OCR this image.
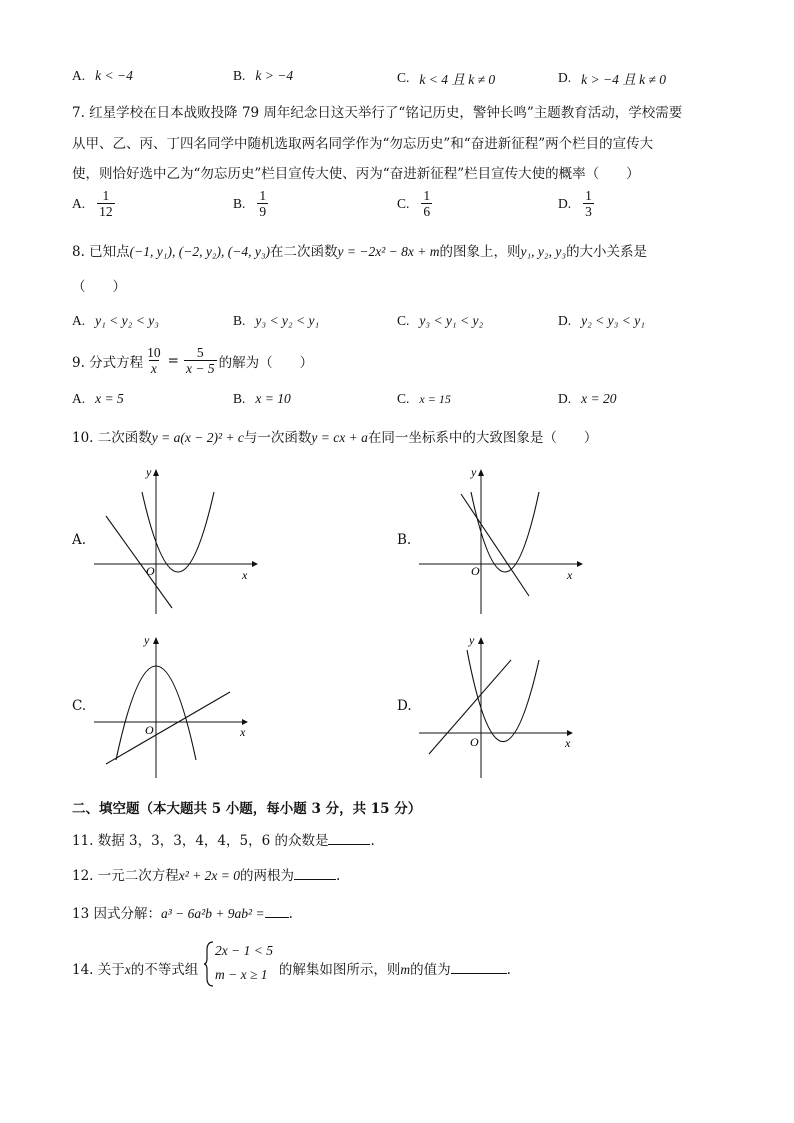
A. k < −4	B. k > −4	C. k < 4 且 k ≠ 0	D. k > −4 且 k ≠ 0
7. 红星学校在日本战败投降 79 周年纪念日这天举行了“铭记历史，警钟长鸣”主题教育活动，学校需要
从甲、乙、丙、丁四名同学中随机选取两名同学作为“勿忘历史”和“奋进新征程”两个栏目的宣传大
使，则恰好选中乙为“勿忘历史”栏目宣传大使、丙为“奋进新征程”栏目宣传大使的概率（　　）
A. $\frac{1}{12}$	B. $\frac{1}{9}$	C. $\frac{1}{6}$	D. $\frac{1}{3}$
8. 已知点(−1, y₁), (−2, y₂), (−4, y₃)在二次函数y = −2x² − 8x + m的图象上，则y₁, y₂, y₃的大小关系是
（　　）
A. y₁ < y₂ < y₃	B. y₃ < y₂ < y₁	C. y₃ < y₁ < y₂	D. y₂ < y₃ < y₁
9. 分式方程 $\frac{10}{x} = \frac{5}{x - 5}$ 的解为（　　）
A. x = 5	B. x = 10	C. x = 15	D. x = 20
10. 二次函数y = a(x − 2)² + c与一次函数y = cx + a在同一坐标系中的大致图象是（　　）
A.	B.
C.	D.
y
x
O
y
x
O
y
x
O
y
x
O
二、填空题（本大题共 5 小题，每小题 3 分，共 15 分）
11. 数据 3，3，3，4，4，5，6 的众数是	.
12. 一元二次方程x² + 2x = 0的两根为	.
13 因式分解：a³ − 6a²b + 9ab² = .
14. 关于x的不等式组	的解集如图所示，则m的值为	.
2x − 1 < 5
m − x ≥ 1
